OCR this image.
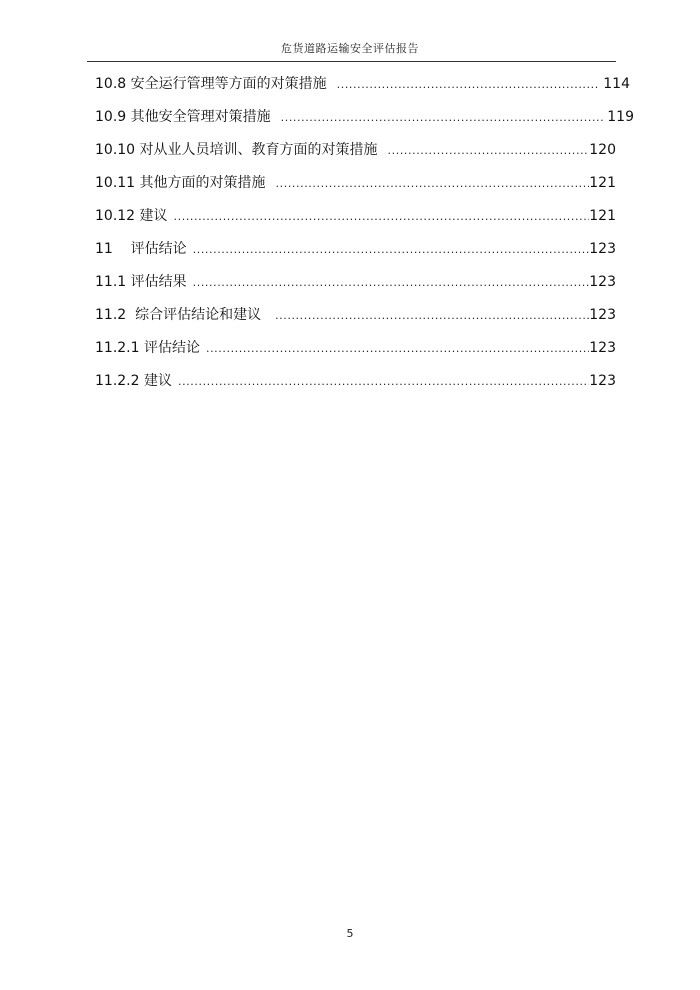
危货道路运输安全评估报告
10.8 安全运行管理等方面的对策措施 .....	114
10.9 其他安全管理对策措施 .....	119
10.10 对从业人员培训、教育方面的对策措施 .....	120
10.11 其他方面的对策措施 .....	121
10.12 建议 .....	121
11    评估结论 .....	123
11.1 评估结果 .....	123
11.2  综合评估结论和建议 .....	123
11.2.1 评估结论 .....	123
11.2.2 建议 .....	123
5
